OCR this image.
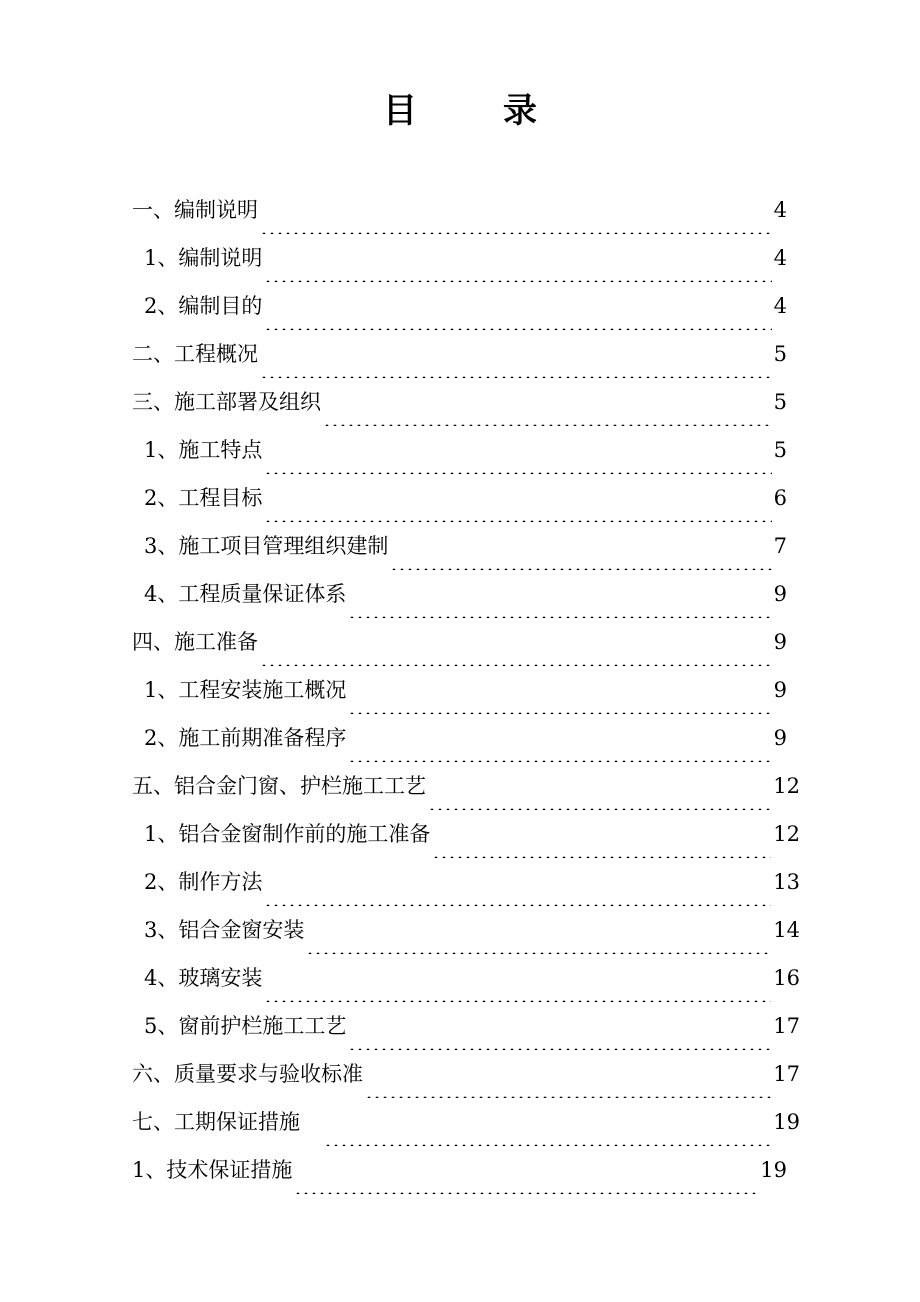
目　录
一、编制说明	4
1、编制说明	4
2、编制目的	4
二、工程概况	5
三、施工部署及组织	5
1、施工特点	5
2、工程目标	6
3、施工项目管理组织建制	7
4、工程质量保证体系	9
四、施工准备	9
1、工程安装施工概况	9
2、施工前期准备程序	9
五、铝合金门窗、护栏施工工艺	12
1、铝合金窗制作前的施工准备	12
2、制作方法	13
3、铝合金窗安装	14
4、玻璃安装	16
5、窗前护栏施工工艺	17
六、质量要求与验收标准	17
七、工期保证措施	19
1、技术保证措施	19
